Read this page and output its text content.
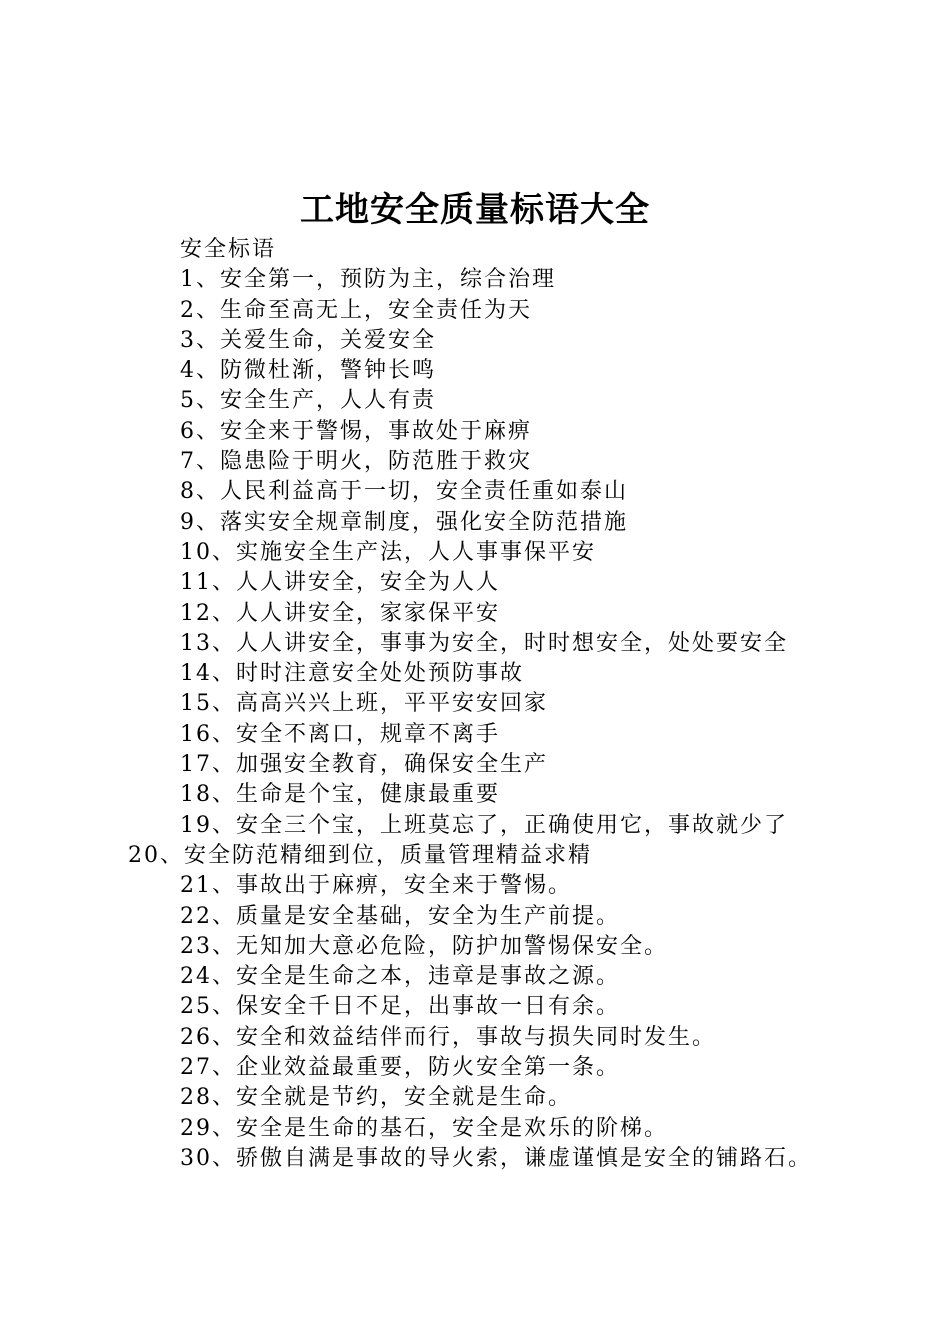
工地安全质量标语大全
安全标语
1、安全第一，预防为主，综合治理
2、生命至高无上，安全责任为天
3、关爱生命，关爱安全
4、防微杜渐，警钟长鸣
5、安全生产，人人有责
6、安全来于警惕，事故处于麻痹
7、隐患险于明火，防范胜于救灾
8、人民利益高于一切，安全责任重如泰山
9、落实安全规章制度，强化安全防范措施
10、实施安全生产法，人人事事保平安
11、人人讲安全，安全为人人
12、人人讲安全，家家保平安
13、人人讲安全，事事为安全，时时想安全，处处要安全
14、时时注意安全处处预防事故
15、高高兴兴上班，平平安安回家
16、安全不离口，规章不离手
17、加强安全教育，确保安全生产
18、生命是个宝，健康最重要
19、安全三个宝，上班莫忘了，正确使用它，事故就少了
20、安全防范精细到位，质量管理精益求精
21、事故出于麻痹，安全来于警惕。
22、质量是安全基础，安全为生产前提。
23、无知加大意必危险，防护加警惕保安全。
24、安全是生命之本，违章是事故之源。
25、保安全千日不足，出事故一日有余。
26、安全和效益结伴而行，事故与损失同时发生。
27、企业效益最重要，防火安全第一条。
28、安全就是节约，安全就是生命。
29、安全是生命的基石，安全是欢乐的阶梯。
30、骄傲自满是事故的导火索，谦虚谨慎是安全的铺路石。
